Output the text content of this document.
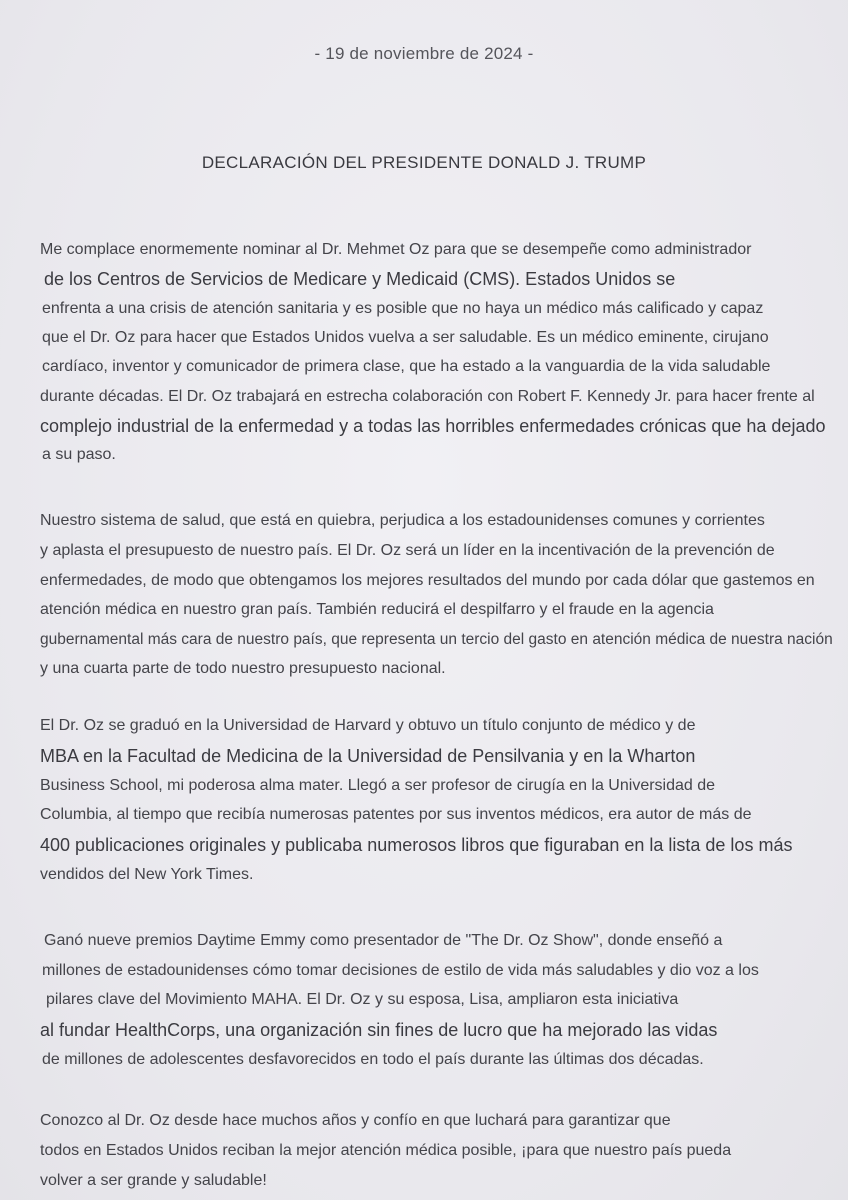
- 19 de noviembre de 2024 -
DECLARACIÓN DEL PRESIDENTE DONALD J. TRUMP
Me complace enormemente nominar al Dr. Mehmet Oz para que se desempeñe como administrador
de los Centros de Servicios de Medicare y Medicaid (CMS). Estados Unidos se
enfrenta a una crisis de atención sanitaria y es posible que no haya un médico más calificado y capaz
que el Dr. Oz para hacer que Estados Unidos vuelva a ser saludable. Es un médico eminente, cirujano
cardíaco, inventor y comunicador de primera clase, que ha estado a la vanguardia de la vida saludable
durante décadas. El Dr. Oz trabajará en estrecha colaboración con Robert F. Kennedy Jr. para hacer frente al
complejo industrial de la enfermedad y a todas las horribles enfermedades crónicas que ha dejado
a su paso.
Nuestro sistema de salud, que está en quiebra, perjudica a los estadounidenses comunes y corrientes
y aplasta el presupuesto de nuestro país. El Dr. Oz será un líder en la incentivación de la prevención de
enfermedades, de modo que obtengamos los mejores resultados del mundo por cada dólar que gastemos en
atención médica en nuestro gran país. También reducirá el despilfarro y el fraude en la agencia
gubernamental más cara de nuestro país, que representa un tercio del gasto en atención médica de nuestra nación
y una cuarta parte de todo nuestro presupuesto nacional.
El Dr. Oz se graduó en la Universidad de Harvard y obtuvo un título conjunto de médico y de
MBA en la Facultad de Medicina de la Universidad de Pensilvania y en la Wharton
Business School, mi poderosa alma mater. Llegó a ser profesor de cirugía en la Universidad de
Columbia, al tiempo que recibía numerosas patentes por sus inventos médicos, era autor de más de
400 publicaciones originales y publicaba numerosos libros que figuraban en la lista de los más
vendidos del New York Times.
Ganó nueve premios Daytime Emmy como presentador de "The Dr. Oz Show", donde enseñó a
millones de estadounidenses cómo tomar decisiones de estilo de vida más saludables y dio voz a los
pilares clave del Movimiento MAHA. El Dr. Oz y su esposa, Lisa, ampliaron esta iniciativa
al fundar HealthCorps, una organización sin fines de lucro que ha mejorado las vidas
de millones de adolescentes desfavorecidos en todo el país durante las últimas dos décadas.
Conozco al Dr. Oz desde hace muchos años y confío en que luchará para garantizar que
todos en Estados Unidos reciban la mejor atención médica posible, ¡para que nuestro país pueda
volver a ser grande y saludable!
